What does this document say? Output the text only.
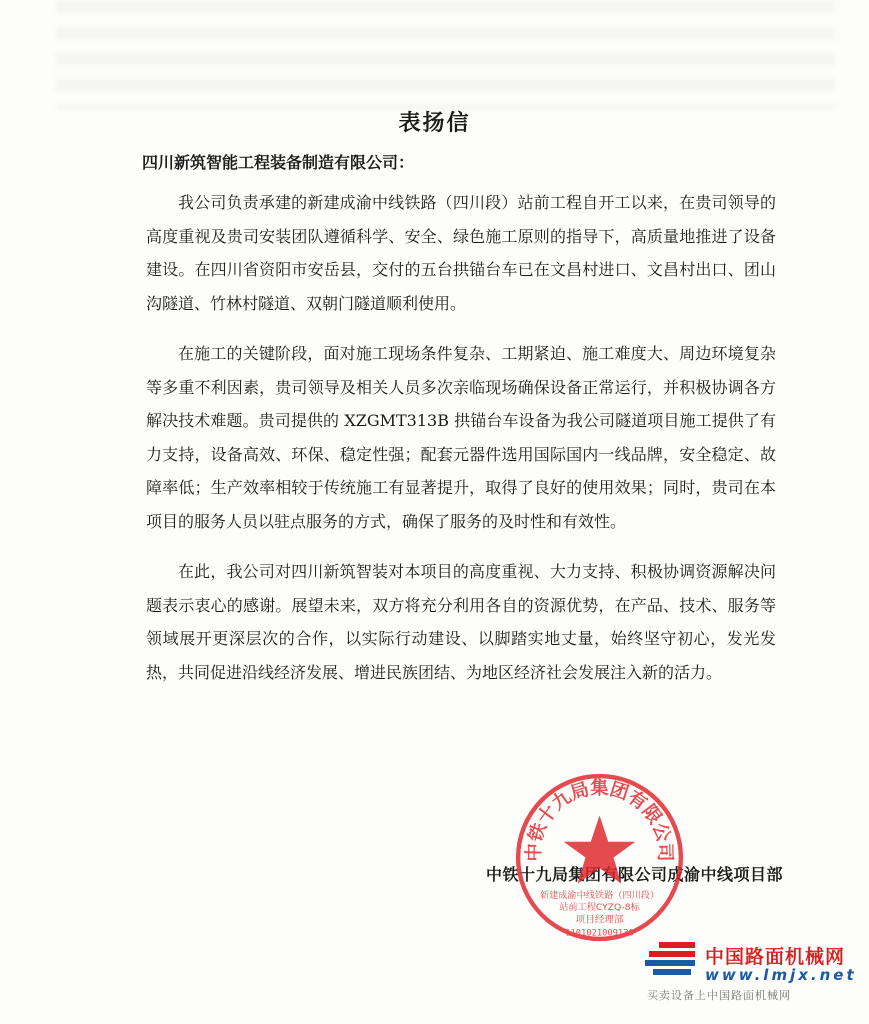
表扬信
四川新筑智能工程装备制造有限公司：

我公司负责承建的新建成渝中线铁路（四川段）站前工程自开工以来，在贵司领导的高度重视及贵司安装团队遵循科学、安全、绿色施工原则的指导下，高质量地推进了设备建设。在四川省资阳市安岳县，交付的五台拱锚台车已在文昌村进口、文昌村出口、团山沟隧道、竹林村隧道、双朝门隧道顺利使用。

在施工的关键阶段，面对施工现场条件复杂、工期紧迫、施工难度大、周边环境复杂等多重不利因素，贵司领导及相关人员多次亲临现场确保设备正常运行，并积极协调各方解决技术难题。贵司提供的 XZGMT313B 拱锚台车设备为我公司隧道项目施工提供了有力支持，设备高效、环保、稳定性强；配套元器件选用国际国内一线品牌，安全稳定、故障率低；生产效率相较于传统施工有显著提升，取得了良好的使用效果；同时，贵司在本项目的服务人员以驻点服务的方式，确保了服务的及时性和有效性。

在此，我公司对四川新筑智装对本项目的高度重视、大力支持、积极协调资源解决问题表示衷心的感谢。展望未来，双方将充分利用各自的资源优势，在产品、技术、服务等领域展开更深层次的合作，以实际行动建设、以脚踏实地丈量，始终坚守初心，发光发热，共同促进沿线经济发展、增进民族团结、为地区经济社会发展注入新的活力。

中铁十九局集团有限公司成渝中线项目部
中铁十九局集团有限公司
新建成渝中线铁路（四川段）
站前工程CYZQ-8标
项目经理部
1101021009130
中国路面机械网
www.lmjx.net
买卖设备上中国路面机械网
